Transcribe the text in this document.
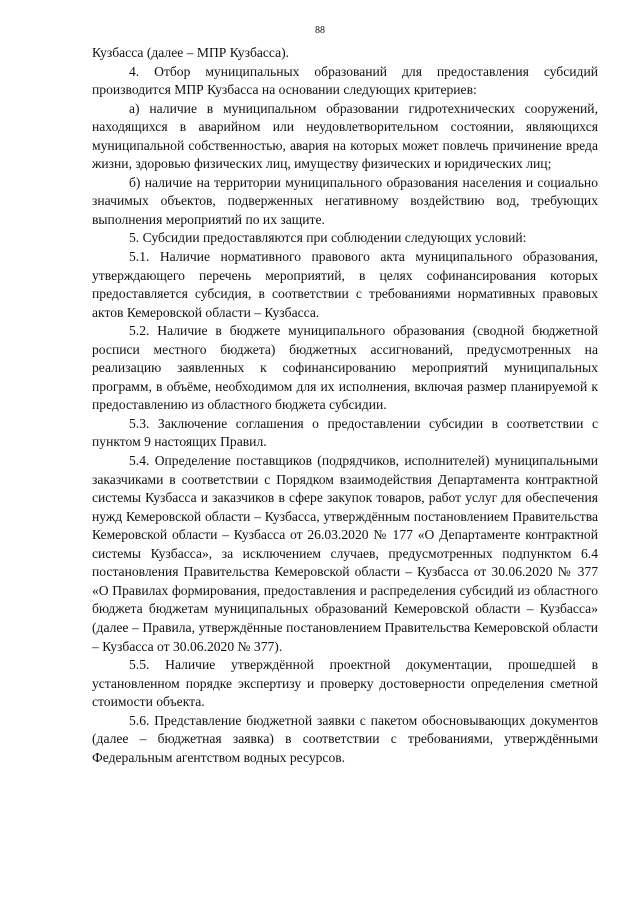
88

Кузбасса (далее – МПР Кузбасса).

4. Отбор муниципальных образований для предоставления субсидий производится МПР Кузбасса на основании следующих критериев:

а) наличие в муниципальном образовании гидротехнических сооружений, находящихся в аварийном или неудовлетворительном состоянии, являющихся муниципальной собственностью, авария на которых может повлечь причинение вреда жизни, здоровью физических лиц, имуществу физических и юридических лиц;

б) наличие на территории муниципального образования населения и социально значимых объектов, подверженных негативному воздействию вод, требующих выполнения мероприятий по их защите.

5. Субсидии предоставляются при соблюдении следующих условий:

5.1. Наличие нормативного правового акта муниципального образования, утверждающего перечень мероприятий, в целях софинансирования которых предоставляется субсидия, в соответствии с требованиями нормативных правовых актов Кемеровской области – Кузбасса.

5.2. Наличие в бюджете муниципального образования (сводной бюджетной росписи местного бюджета) бюджетных ассигнований, предусмотренных на реализацию заявленных к софинансированию мероприятий муниципальных программ, в объёме, необходимом для их исполнения, включая размер планируемой к предоставлению из областного бюджета субсидии.

5.3. Заключение соглашения о предоставлении субсидии в соответствии с пунктом 9 настоящих Правил.

5.4. Определение поставщиков (подрядчиков, исполнителей) муниципальными заказчиками в соответствии с Порядком взаимодействия Департамента контрактной системы Кузбасса и заказчиков в сфере закупок товаров, работ услуг для обеспечения нужд Кемеровской области – Кузбасса, утверждённым постановлением Правительства Кемеровской области – Кузбасса от 26.03.2020 № 177 «О Департаменте контрактной системы Кузбасса», за исключением случаев, предусмотренных подпунктом 6.4 постановления Правительства Кемеровской области – Кузбасса от 30.06.2020 № 377 «О Правилах формирования, предоставления и распределения субсидий из областного бюджета бюджетам муниципальных образований Кемеровской области – Кузбасса» (далее – Правила, утверждённые постановлением Правительства Кемеровской области – Кузбасса от 30.06.2020 № 377).

5.5. Наличие утверждённой проектной документации, прошедшей в установленном порядке экспертизу и проверку достоверности определения сметной стоимости объекта.

5.6. Представление бюджетной заявки с пакетом обосновывающих документов (далее – бюджетная заявка) в соответствии с требованиями, утверждёнными Федеральным агентством водных ресурсов.
